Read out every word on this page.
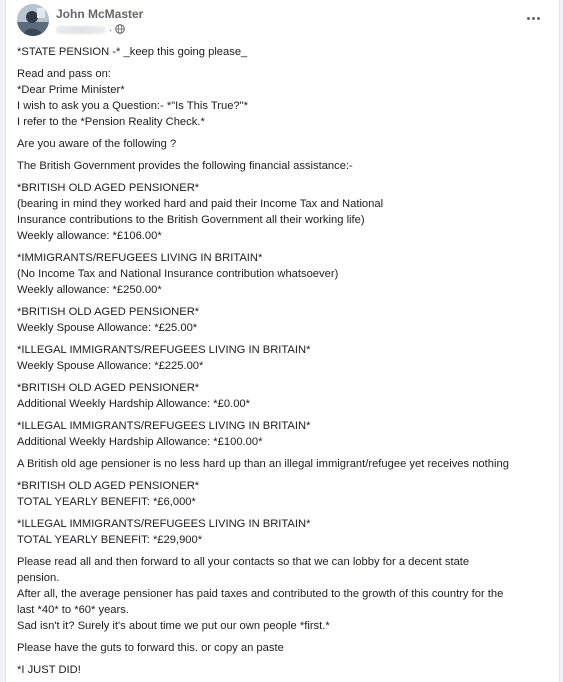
John McMaster
·

*STATE PENSION -* _keep this going please_

Read and pass on:
*Dear Prime Minister*
I wish to ask you a Question:- *"Is This True?"*
I refer to the *Pension Reality Check.*

Are you aware of the following ?

The British Government provides the following financial assistance:-

*BRITISH OLD AGED PENSIONER*
(bearing in mind they worked hard and paid their Income Tax and National
Insurance contributions to the British Government all their working life)
Weekly allowance: *£106.00*

*IMMIGRANTS/REFUGEES LIVING IN BRITAIN*
(No Income Tax and National Insurance contribution whatsoever)
Weekly allowance: *£250.00*

*BRITISH OLD AGED PENSIONER*
Weekly Spouse Allowance: *£25.00*

*ILLEGAL IMMIGRANTS/REFUGEES LIVING IN BRITAIN*
Weekly Spouse Allowance: *£225.00*

*BRITISH OLD AGED PENSIONER*
Additional Weekly Hardship Allowance: *£0.00*

*ILLEGAL IMMIGRANTS/REFUGEES LIVING IN BRITAIN*
Additional Weekly Hardship Allowance: *£100.00*

A British old age pensioner is no less hard up than an illegal immigrant/refugee yet receives nothing

*BRITISH OLD AGED PENSIONER*
TOTAL YEARLY BENEFIT: *£6,000*

*ILLEGAL IMMIGRANTS/REFUGEES LIVING IN BRITAIN*
TOTAL YEARLY BENEFIT: *£29,900*

Please read all and then forward to all your contacts so that we can lobby for a decent state
pension.
After all, the average pensioner has paid taxes and contributed to the growth of this country for the
last *40* to *60* years.
Sad isn't it? Surely it's about time we put our own people *first.*

Please have the guts to forward this. or copy an paste

*I JUST DID!
